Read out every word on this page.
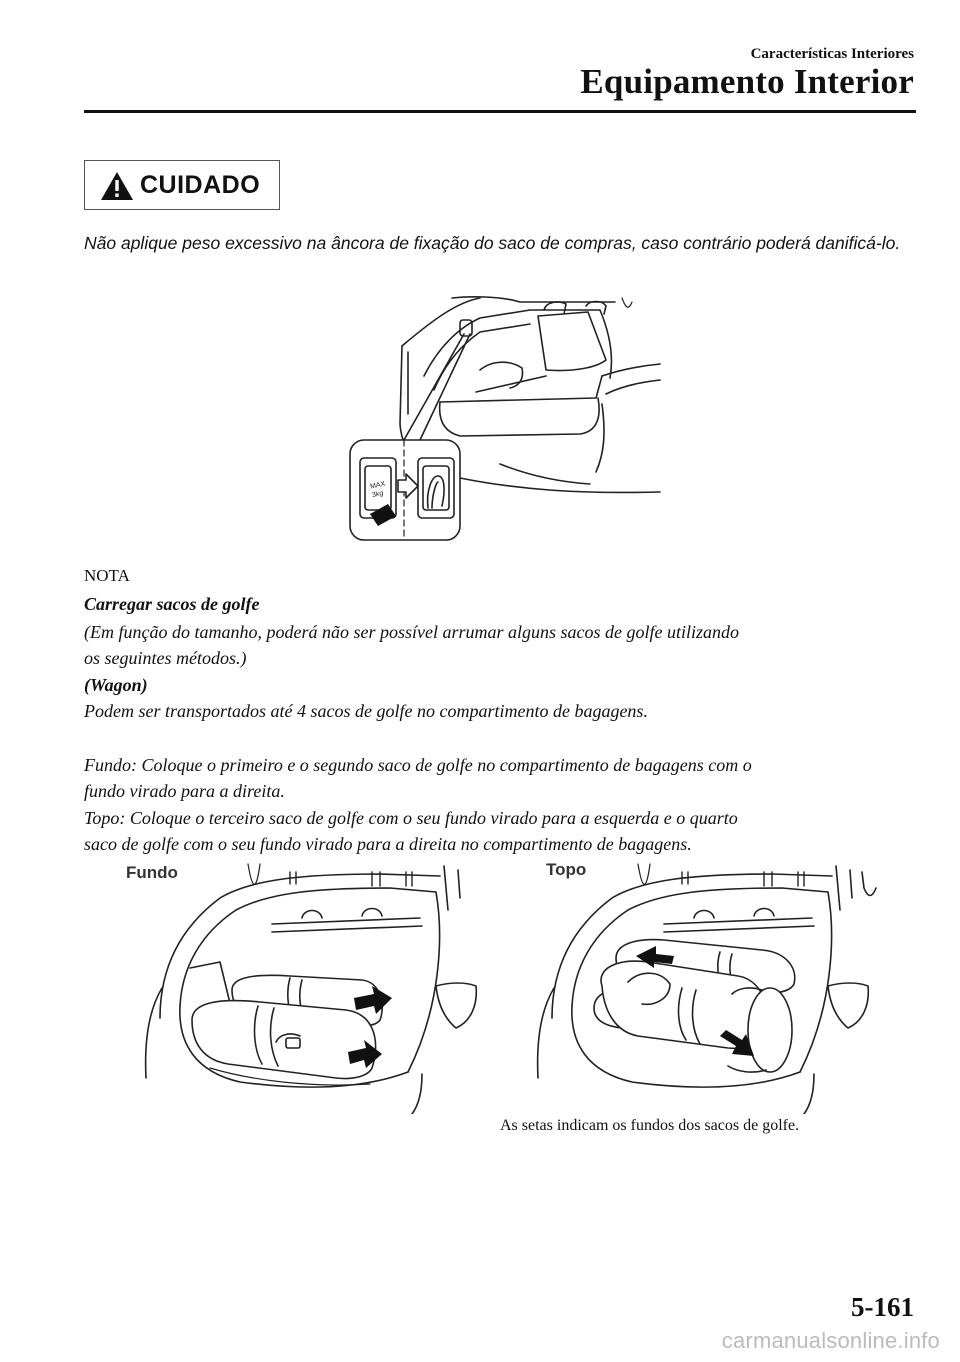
Características Interiores
Equipamento Interior
CUIDADO
Não aplique peso excessivo na âncora de fixação do saco de compras, caso contrário poderá danificá-lo.
MAX
3kg
NOTA
Carregar sacos de golfe
(Em função do tamanho, poderá não ser possível arrumar alguns sacos de golfe utilizando
os seguintes métodos.)
(Wagon)
Podem ser transportados até 4 sacos de golfe no compartimento de bagagens.
Fundo: Coloque o primeiro e o segundo saco de golfe no compartimento de bagagens com o
fundo virado para a direita.
Topo: Coloque o terceiro saco de golfe com o seu fundo virado para a esquerda e o quarto
saco de golfe com o seu fundo virado para a direita no compartimento de bagagens.
Fundo	Topo
As setas indicam os fundos dos sacos de golfe.
5-161
carmanualsonline.info
